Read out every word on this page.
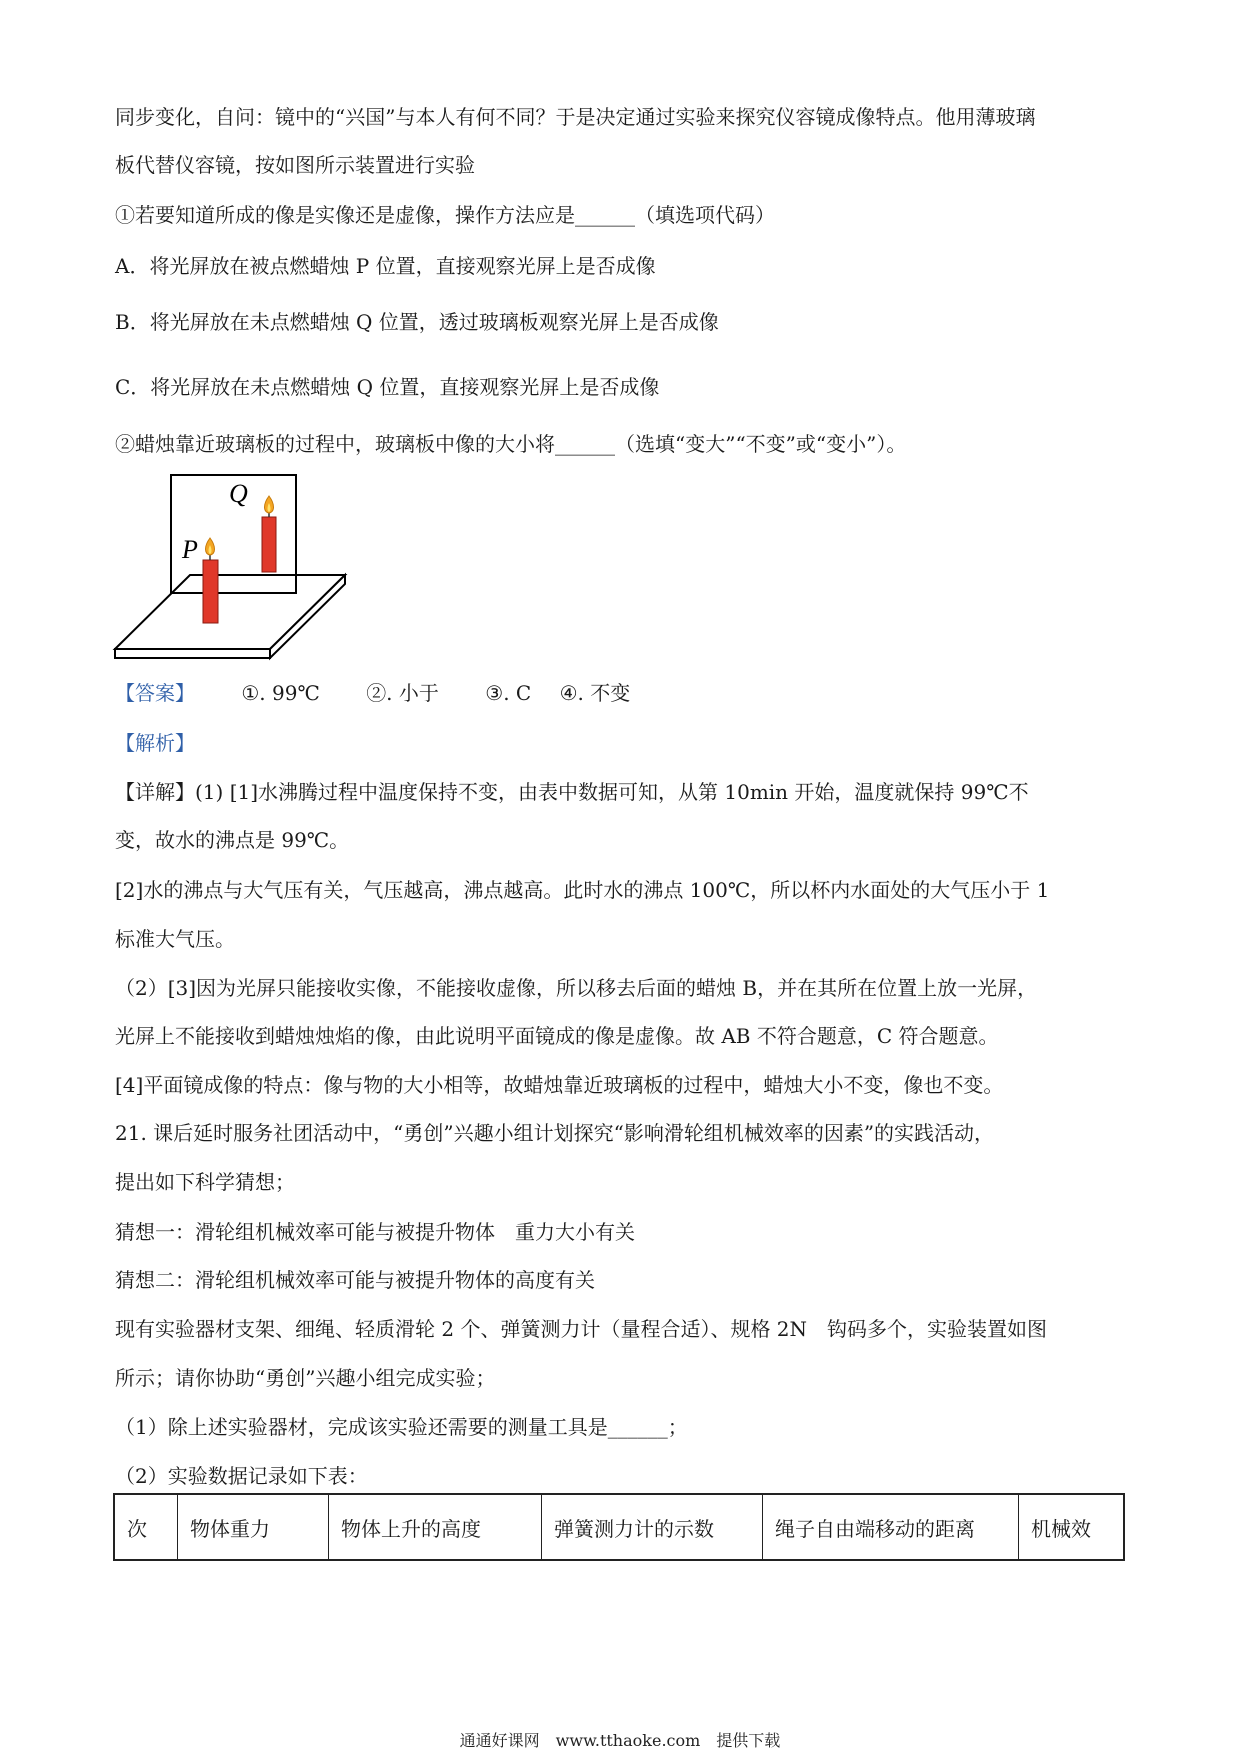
同步变化，自问：镜中的“兴国”与本人有何不同？于是决定通过实验来探究仪容镜成像特点。他用薄玻璃
板代替仪容镜，按如图所示装置进行实验
①若要知道所成的像是实像还是虚像，操作方法应是______（填选项代码）
A．将光屏放在被点燃蜡烛 P 位置，直接观察光屏上是否成像
B．将光屏放在未点燃蜡烛 Q 位置，透过玻璃板观察光屏上是否成像
C．将光屏放在未点燃蜡烛 Q 位置，直接观察光屏上是否成像
②蜡烛靠近玻璃板的过程中，玻璃板中像的大小将______（选填“变大”“不变”或“变小”）。
Q
P
【答案】 ①. 99℃ ②. 小于 ③. C ④. 不变
【解析】
【详解】(1) [1]水沸腾过程中温度保持不变，由表中数据可知，从第 10min 开始，温度就保持 99℃不
变，故水的沸点是 99℃。
[2]水的沸点与大气压有关，气压越高，沸点越高。此时水的沸点 100℃，所以杯内水面处的大气压小于 1
标准大气压。
（2）[3]因为光屏只能接收实像，不能接收虚像，所以移去后面的蜡烛 B，并在其所在位置上放一光屏，
光屏上不能接收到蜡烛烛焰的像，由此说明平面镜成的像是虚像。故 AB 不符合题意，C 符合题意。
[4]平面镜成像的特点：像与物的大小相等，故蜡烛靠近玻璃板的过程中，蜡烛大小不变，像也不变。
21. 课后延时服务社团活动中，“勇创”兴趣小组计划探究“影响滑轮组机械效率的因素”的实践活动，
提出如下科学猜想；
猜想一：滑轮组机械效率可能与被提升物体　重力大小有关
猜想二：滑轮组机械效率可能与被提升物体的高度有关
现有实验器材支架、细绳、轻质滑轮 2 个、弹簧测力计（量程合适）、规格 2N　钩码多个，实验装置如图
所示；请你协助“勇创”兴趣小组完成实验；
（1）除上述实验器材，完成该实验还需要的测量工具是______；
（2）实验数据记录如下表：
次	物体重力	物体上升的高度	弹簧测力计的示数	绳子自由端移动的距离	机械效
通通好课网　www.tthaoke.com　提供下载
